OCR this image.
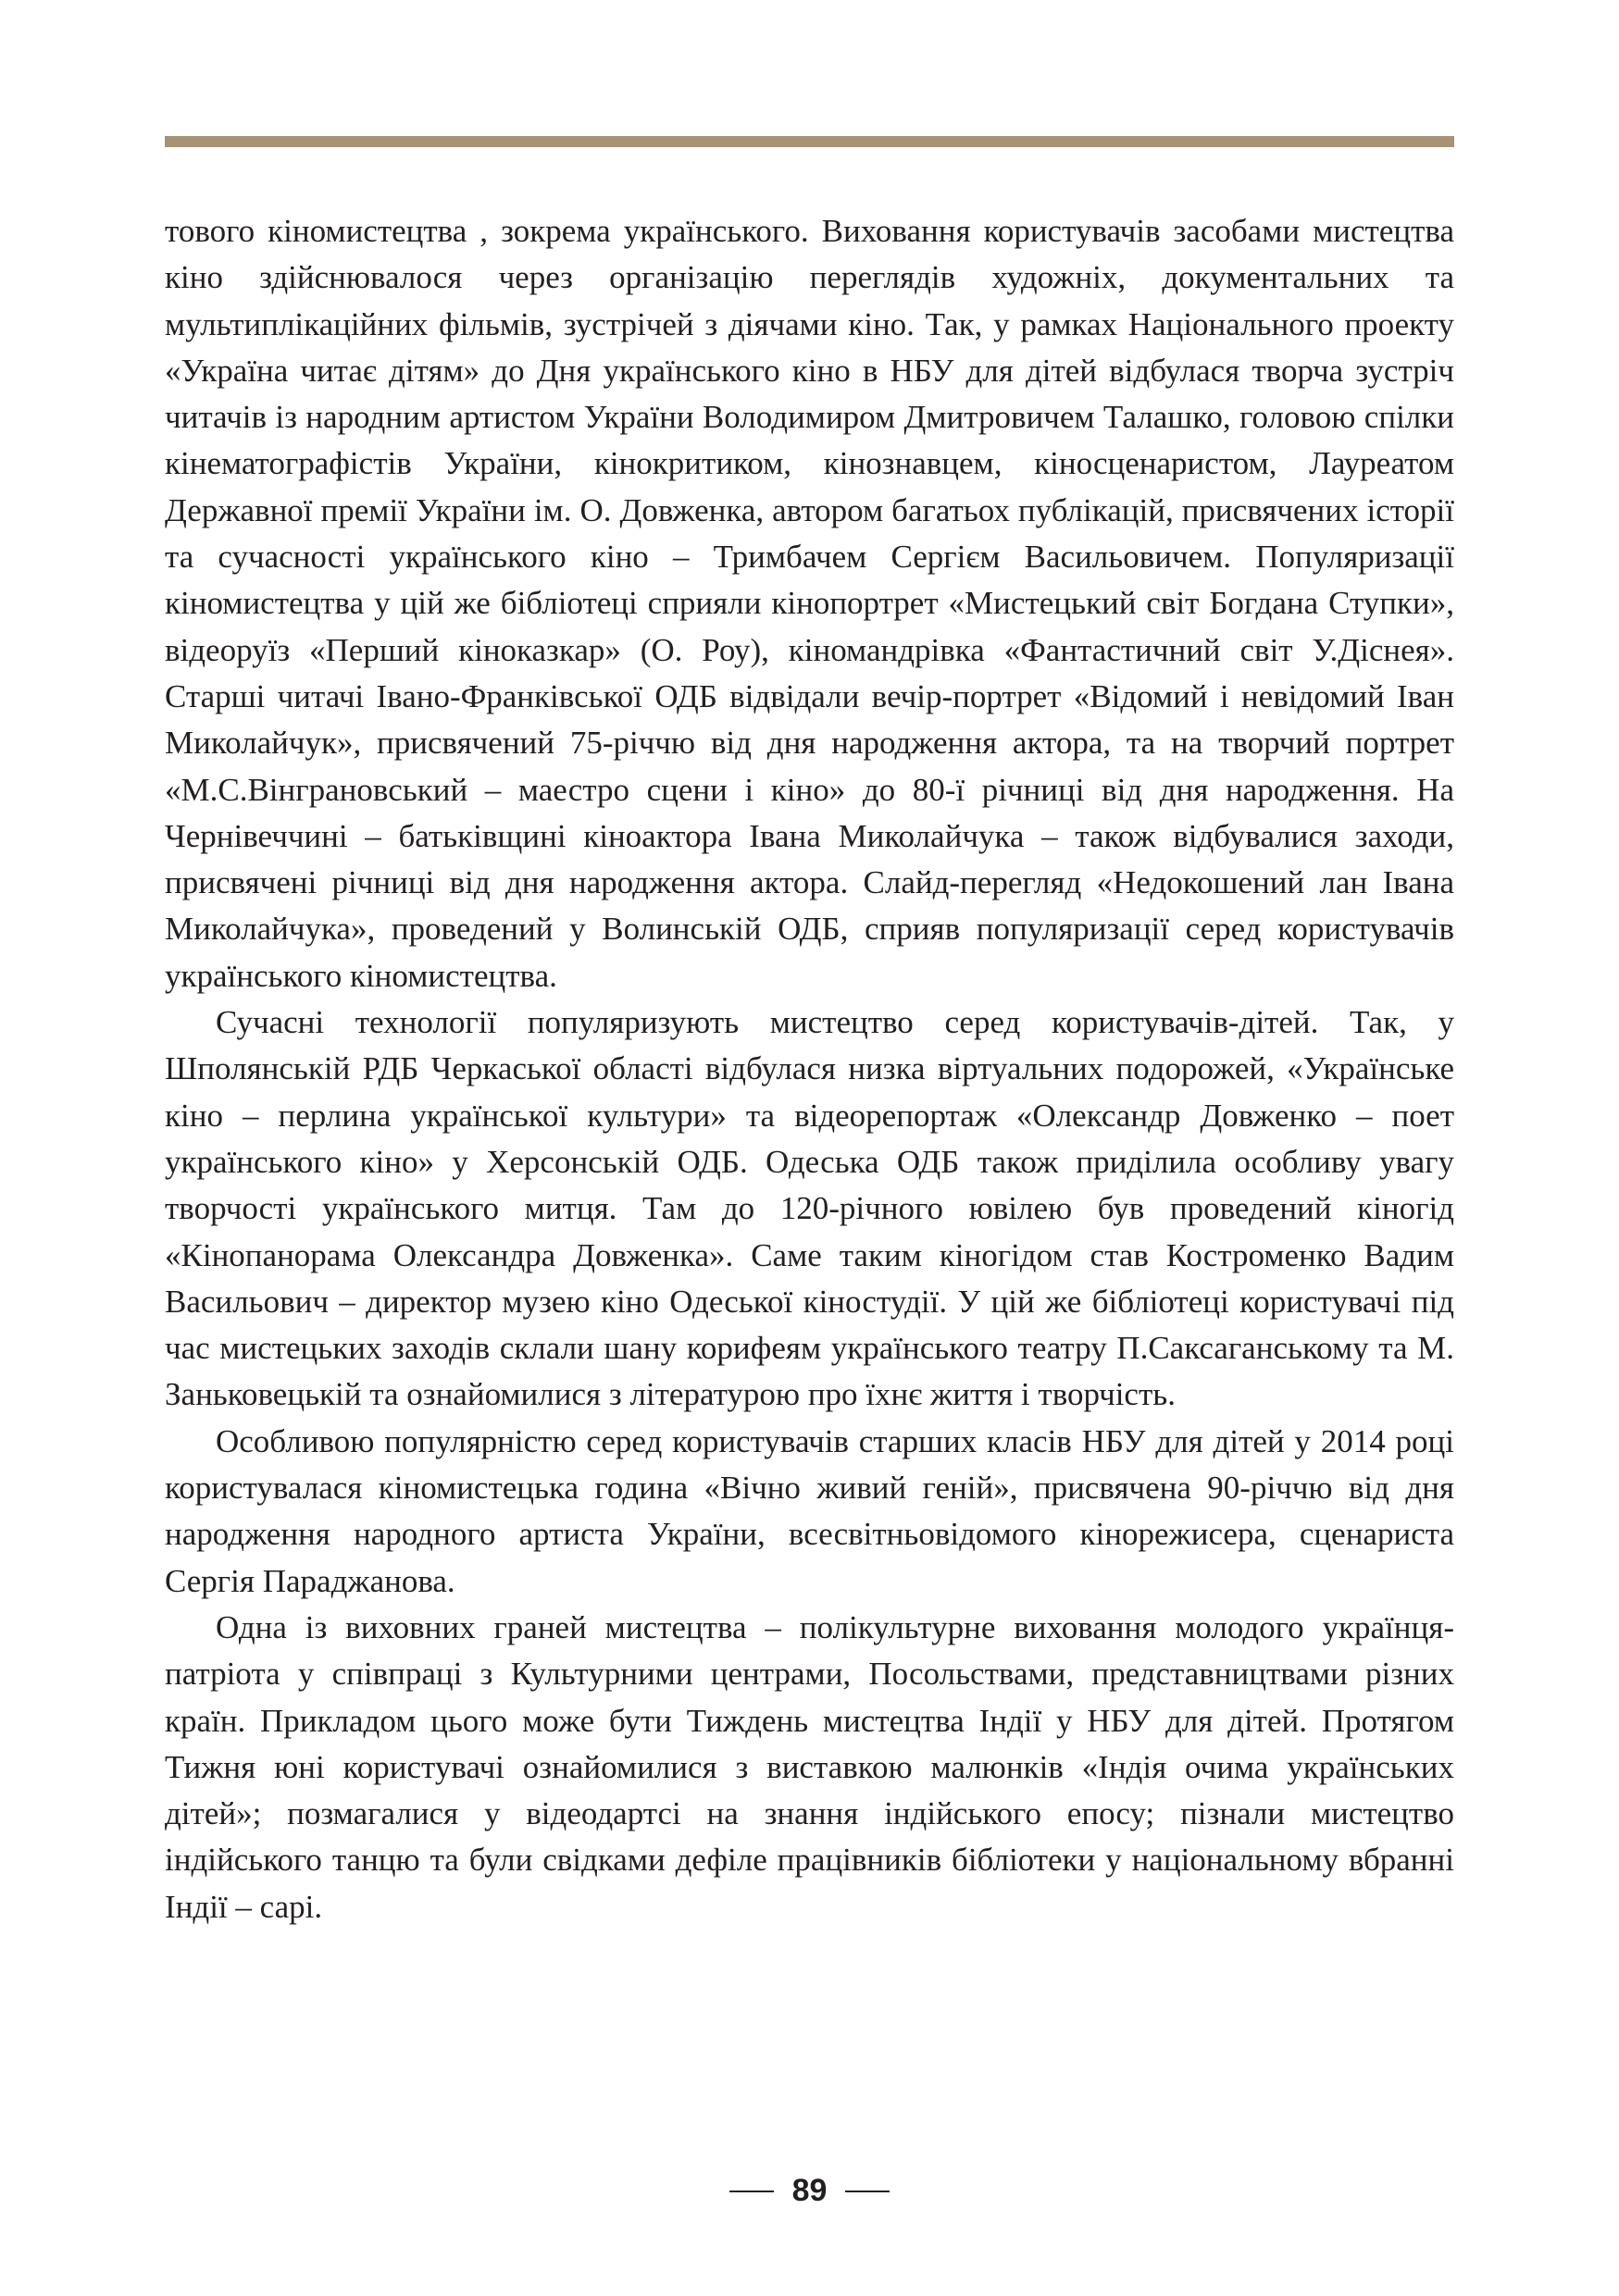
тового кіномистецтва , зокрема українського. Виховання користувачів засобами мистецтва кіно здійснювалося через організацію переглядів художніх, документальних та мультиплікаційних фільмів, зустрічей з діячами кіно. Так, у рамках Національного проекту «Україна читає дітям» до Дня українського кіно в НБУ для дітей відбулася творча зустріч читачів із народним артистом України Володимиром Дмитровичем Талашко, головою спілки кінематографістів України, кінокритиком, кінознавцем, кіносценаристом, Лауреатом Державної премії України ім. О. Довженка, автором багатьох публікацій, присвячених історії та сучасності українського кіно – Тримбачем Сергієм Васильовичем. Популяризації кіномистецтва у цій же бібліотеці сприяли кінопортрет «Мистецький світ Богдана Ступки», відеоруїз «Перший кіноказкар» (О. Роу), кіномандрівка «Фантастичний світ У.Діснея». Старші читачі Івано-Франківської ОДБ відвідали вечір-портрет «Відомий і невідомий Іван Миколайчук», присвячений 75-річчю від дня народження актора, та на творчий портрет «М.С.Вінграновський – маестро сцени і кіно» до 80-ї річниці від дня народження. На Чернівеччині – батьківщині кіноактора Івана Миколайчука – також відбувалися заходи, присвячені річниці від дня народження актора. Слайд-перегляд «Недокошений лан Івана Миколайчука», проведений у Волинській ОДБ, сприяв популяризації серед користувачів українського кіномистецтва.

Сучасні технології популяризують мистецтво серед користувачів-дітей. Так, у Шполянській РДБ Черкаської області відбулася низка віртуальних подорожей, «Українське кіно – перлина української культури» та відеорепортаж «Олександр Довженко – поет українського кіно» у Херсонській ОДБ. Одеська ОДБ також приділила особливу увагу творчості українського митця. Там до 120-річного ювілею був проведений кіногід «Кінопанорама Олександра Довженка». Саме таким кіногідом став Костроменко Вадим Васильович – директор музею кіно Одеської кіностудії. У цій же бібліотеці користувачі під час мистецьких заходів склали шану корифеям українського театру П.Саксаганському та М. Заньковецькій та ознайомилися з літературою про їхнє життя і творчість.

Особливою популярністю серед користувачів старших класів НБУ для дітей у 2014 році користувалася кіномистецька година «Вічно живий геній», присвячена 90-річчю від дня народження народного артиста України, всесвітньовідомого кінорежисера, сценариста Сергія Параджанова.

Одна із виховних граней мистецтва – полікультурне виховання молодого українця-патріота у співпраці з Культурними центрами, Посольствами, представництвами різних країн. Прикладом цього може бути Тиждень мистецтва Індії у НБУ для дітей. Протягом Тижня юні користувачі ознайомилися з виставкою малюнків «Індія очима українських дітей»; позмагалися у відеодартсі на знання індійського епосу; пізнали мистецтво індійського танцю та були свідками дефіле працівників бібліотеки у національному вбранні Індії – сарі.

89
